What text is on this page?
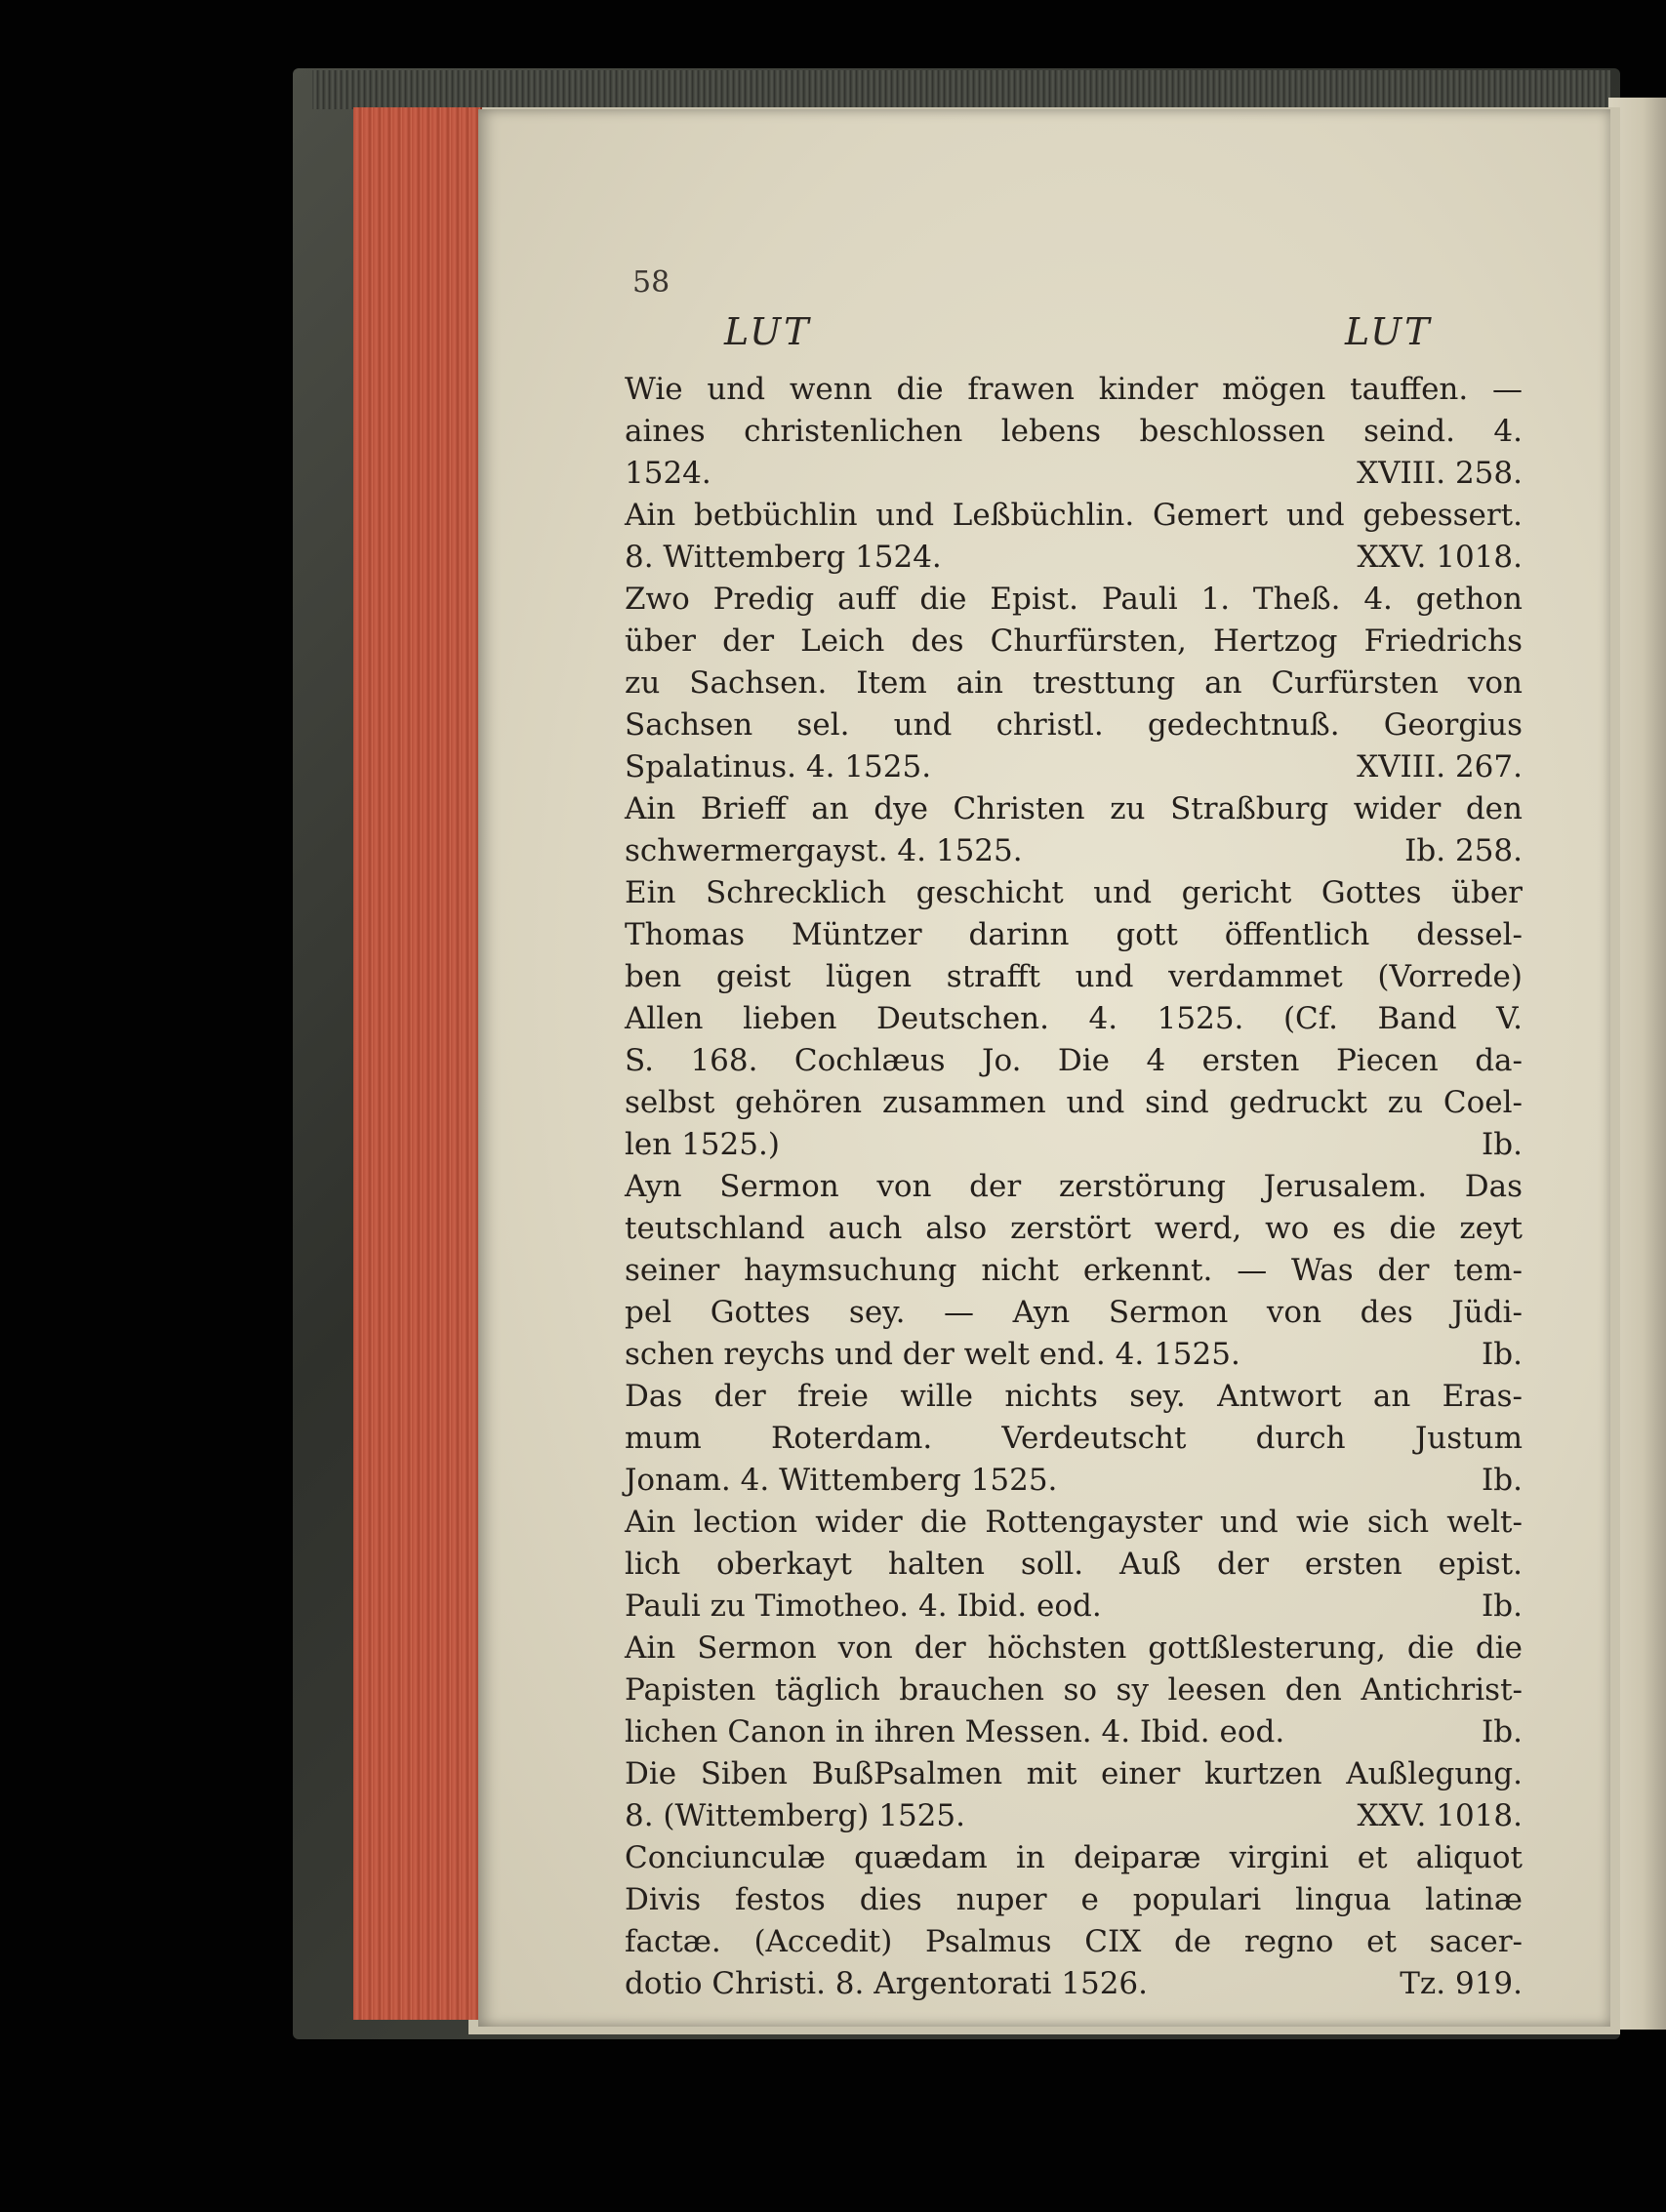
58
LUT	LUT

Wie und wenn die frawen kinder mögen tauffen. —
aines christenlichen lebens beschlossen seind. 4.
1524.	XVIII. 258.

Ain betbüchlin und Leßbüchlin. Gemert und gebessert.
8. Wittemberg 1524.	XXV. 1018.

Zwo Predig auff die Epist. Pauli 1. Theß. 4. gethon
über der Leich des Churfürsten, Hertzog Friedrichs
zu Sachsen. Item ain tresttung an Curfürsten von
Sachsen sel. und christl. gedechtnuß. Georgius
Spalatinus. 4. 1525.	XVIII. 267.

Ain Brieff an dye Christen zu Straßburg wider den
schwermergayst. 4. 1525.	Ib. 258.

Ein Schrecklich geschicht und gericht Gottes über
Thomas Müntzer darinn gott öffentlich dessel-
ben geist lügen strafft und verdammet (Vorrede)
Allen lieben Deutschen. 4. 1525. (Cf. Band V.
S. 168. Cochlæus Jo. Die 4 ersten Piecen da-
selbst gehören zusammen und sind gedruckt zu Coel-
len 1525.)	Ib.

Ayn Sermon von der zerstörung Jerusalem. Das
teutschland auch also zerstört werd, wo es die zeyt
seiner haymsuchung nicht erkennt. — Was der tem-
pel Gottes sey. — Ayn Sermon von des Jüdi-
schen reychs und der welt end. 4. 1525.	Ib.

Das der freie wille nichts sey. Antwort an Eras-
mum Roterdam. Verdeutscht durch Justum
Jonam. 4. Wittemberg 1525.	Ib.

Ain lection wider die Rottengayster und wie sich welt-
lich oberkayt halten soll. Auß der ersten epist.
Pauli zu Timotheo. 4. Ibid. eod.	Ib.

Ain Sermon von der höchsten gottßlesterung, die die
Papisten täglich brauchen so sy leesen den Antichrist-
lichen Canon in ihren Messen. 4. Ibid. eod.	Ib.

Die Siben BußPsalmen mit einer kurtzen Außlegung.
8. (Wittemberg) 1525.	XXV. 1018.

Conciunculæ quædam in deiparæ virgini et aliquot
Divis festos dies nuper e populari lingua latinæ
factæ. (Accedit) Psalmus CIX de regno et sacer-
dotio Christi. 8. Argentorati 1526.	Tz. 919.
